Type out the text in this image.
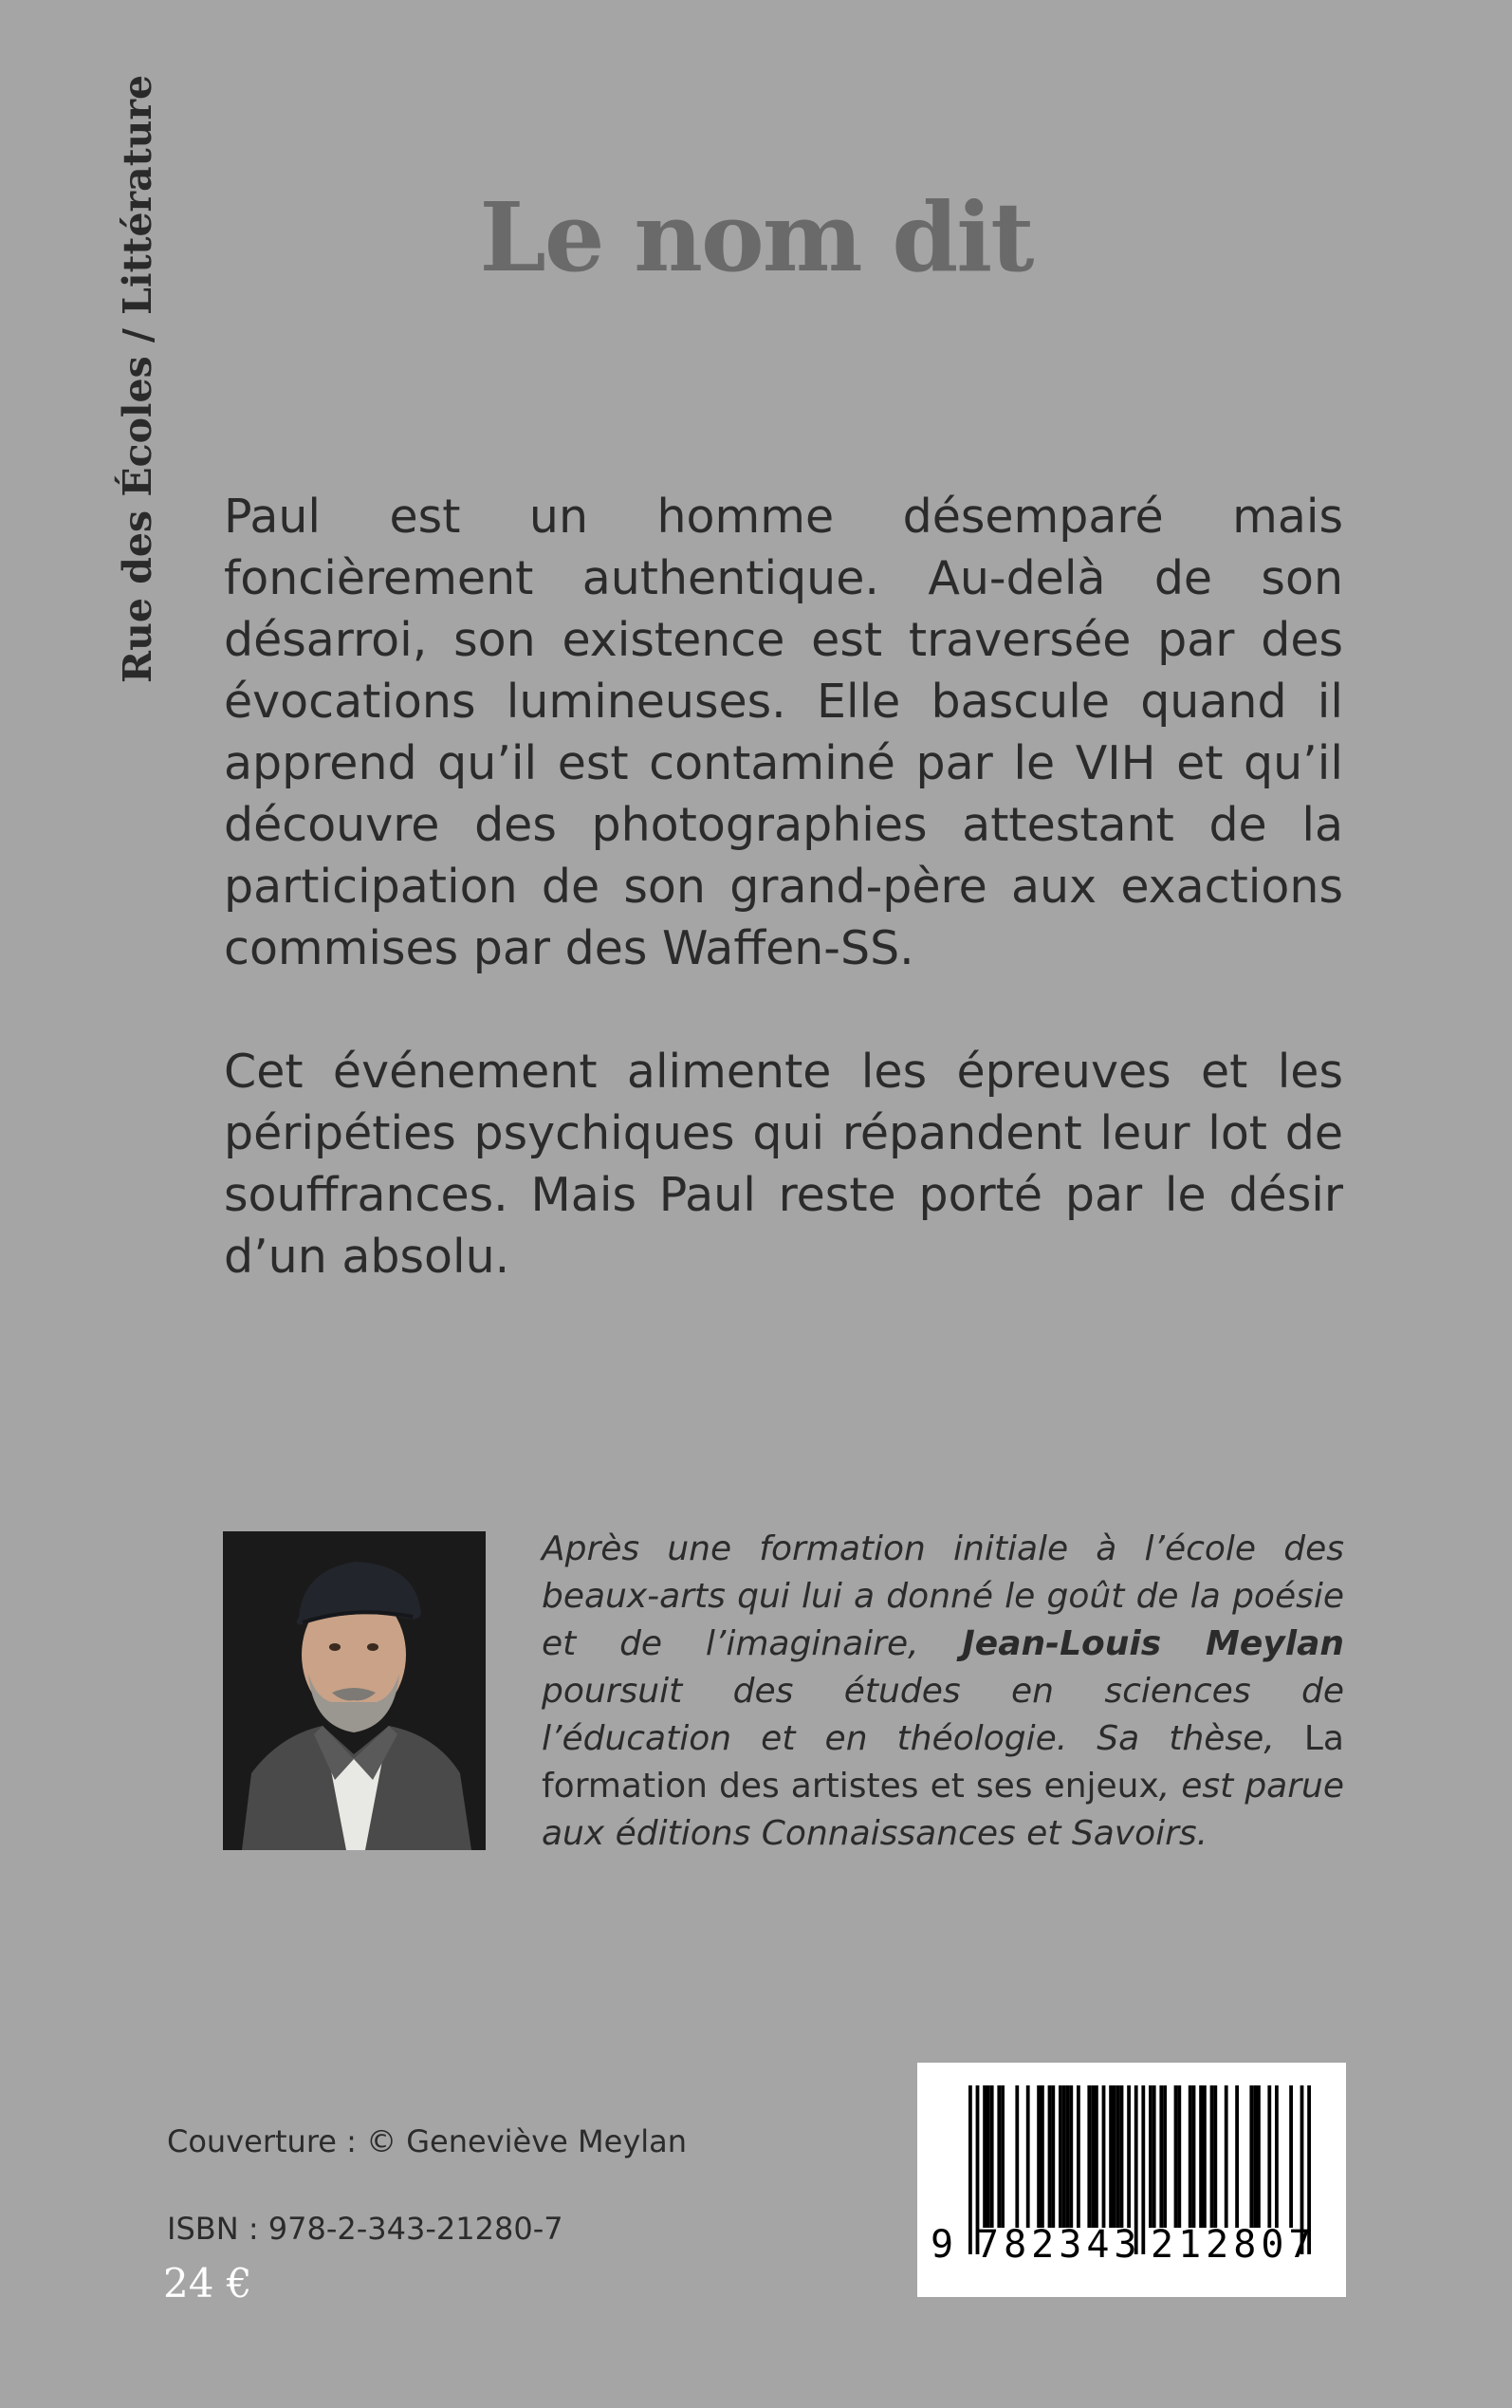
Rue des Écoles / Littérature	Le nom dit

Paul est un homme désemparé mais foncièrement authentique. Au-delà de son désarroi, son existence est traversée par des évocations lumineuses. Elle bascule quand il apprend qu’il est contaminé par le VIH et qu’il découvre des photographies attestant de la participation de son grand-père aux exactions commises par des Waffen-SS.

Cet événement alimente les épreuves et les péripéties psychiques qui répandent leur lot de souffrances. Mais Paul reste porté par le désir d’un absolu.

Après une formation initiale à l’école des beaux-arts qui lui a donné le goût de la poésie et de l’imaginaire, Jean-Louis Meylan poursuit des études en sciences de l’éducation et en théologie. Sa thèse, La formation des artistes et ses enjeux, est parue aux éditions Connaissances et Savoirs.
Couverture : © Geneviève Meylan
ISBN : 978-2-343-21280-7
24 €
9 782343 212807
